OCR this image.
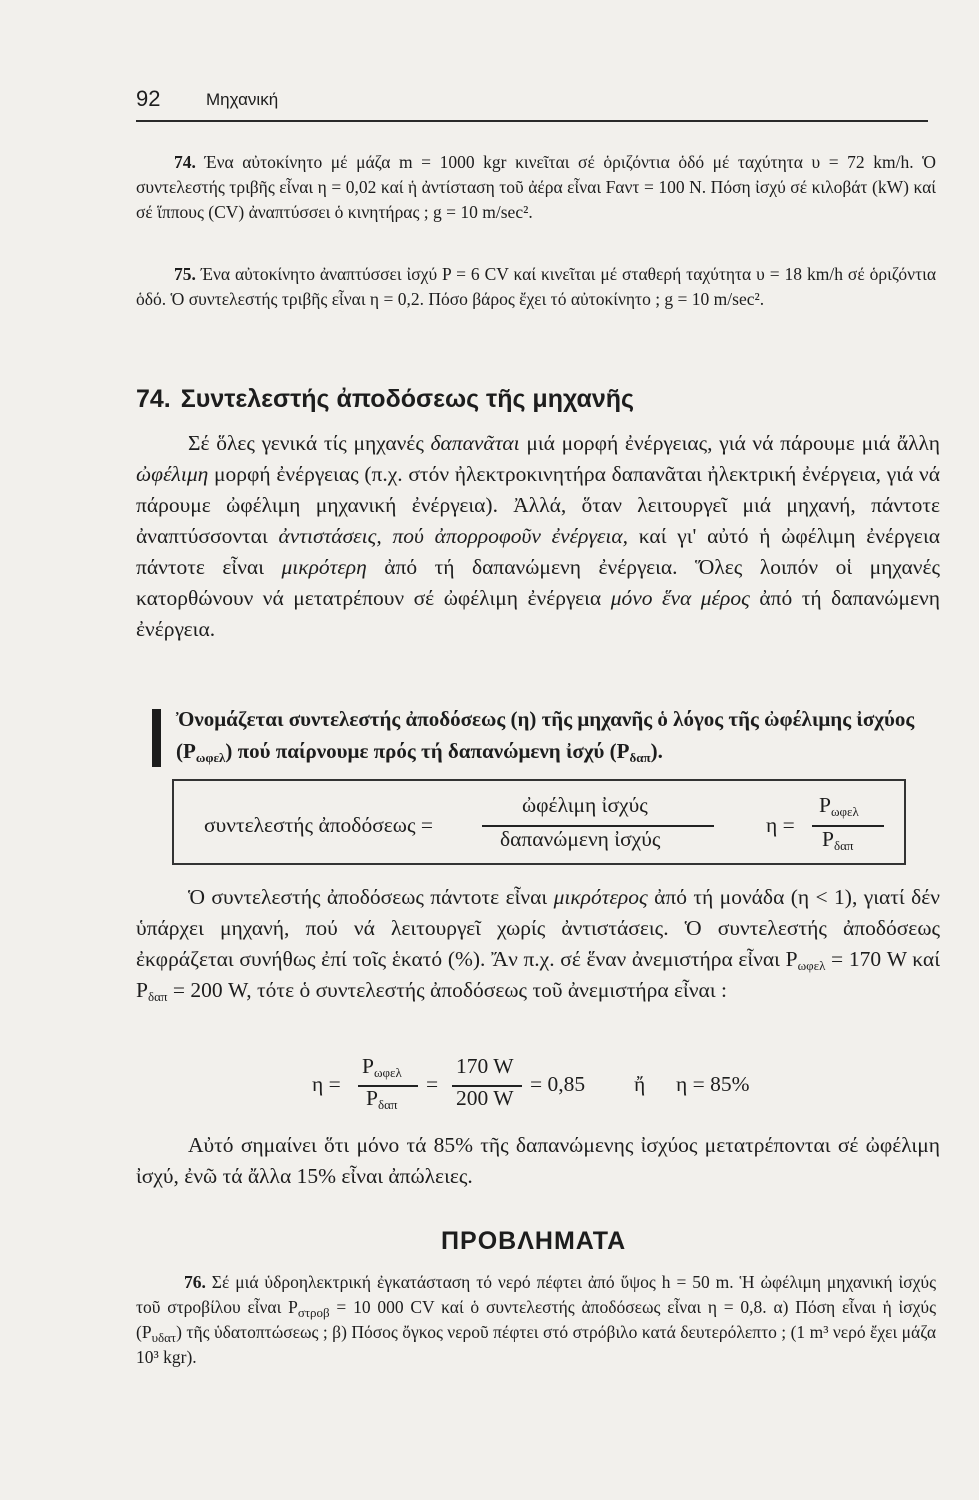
92	Μηχανική
74. Ένα αὐτοκίνητο μέ μάζα m = 1000 kgr κινεῖται σέ ὁριζόντια ὁδό μέ ταχύτητα υ = 72 km/h. Ὁ συντελεστής τριβῆς εἶναι η = 0,02 καί ἡ ἀντίσταση τοῦ ἀέρα εἶναι Fαντ = 100 N. Πόση ἰσχύ σέ κιλοβάτ (kW) καί σέ ἵππους (CV) ἀναπτύσσει ὁ κινητήρας ; g = 10 m/sec².
75. Ένα αὐτοκίνητο ἀναπτύσσει ἰσχύ P = 6 CV καί κινεῖται μέ σταθερή ταχύτητα υ = 18 km/h σέ ὁριζόντια ὁδό. Ὁ συντελεστής τριβῆς εἶναι η = 0,2. Πόσο βάρος ἔχει τό αὐτοκίνητο ; g = 10 m/sec².
74. Συντελεστής ἀποδόσεως τῆς μηχανῆς

Σέ ὅλες γενικά τίς μηχανές δαπανᾶται μιά μορφή ἐνέργειας, γιά νά πάρουμε μιά ἄλλη ὠφέλιμη μορφή ἐνέργειας (π.χ. στόν ἠλεκτροκινητήρα δαπανᾶται ἠλεκτρική ἐνέργεια, γιά νά πάρουμε ὠφέλιμη μηχανική ἐνέργεια). Ἀλλά, ὅταν λειτουργεῖ μιά μηχανή, πάντοτε ἀναπτύσσονται ἀντιστάσεις, πού ἀπορροφοῦν ἐνέργεια, καί γι' αὐτό ἡ ὠφέλιμη ἐνέργεια πάντοτε εἶναι μικρότερη ἀπό τή δαπανώμενη ἐνέργεια. Ὅλες λοιπόν οἱ μηχανές κατορθώνουν νά μετατρέπουν σέ ὠφέλιμη ἐνέργεια μόνο ἕνα μέρος ἀπό τή δαπανώμενη ἐνέργεια.

Ὀνομάζεται συντελεστής ἀποδόσεως (η) τῆς μηχανῆς ὁ λόγος τῆς ὠφέλιμης ἰσχύος $(P_{\omega\varphi\varepsilon\lambda})$ πού παίρνουμε πρός τή δαπανώμενη ἰσχύ $(P_{\delta\alpha\pi})$.
συντελεστής ἀποδόσεως =
ὠφέλιμη ἰσχύς
δαπανώμενη ἰσχύς
η =
$P_{\omega\varphi\varepsilon\lambda}$
$P_{\delta\alpha\pi}$

Ὁ συντελεστής ἀποδόσεως πάντοτε εἶναι μικρότερος ἀπό τή μονάδα (η < 1), γιατί δέν ὑπάρχει μηχανή, πού νά λειτουργεῖ χωρίς ἀντιστάσεις. Ὁ συντελεστής ἀποδόσεως ἐκφράζεται συνήθως ἐπί τοῖς ἑκατό (%). Ἄν π.χ. σέ ἕναν ἀνεμιστήρα εἶναι $P_{\omega\varphi\varepsilon\lambda} = 170$ W καί $P_{\delta\alpha\pi} = 200$ W, τότε ὁ συντελεστής ἀποδόσεως τοῦ ἀνεμιστήρα εἶναι :

η =
$P_{\omega\varphi\varepsilon\lambda}$
$P_{\delta\alpha\pi}$
=
170 W
200 W
= 0,85 ἤ η = 85%

Αὐτό σημαίνει ὅτι μόνο τά 85% τῆς δαπανώμενης ἰσχύος μετατρέπονται σέ ὠφέλιμη ἰσχύ, ἐνῶ τά ἄλλα 15% εἶναι ἀπώλειες.

ΠΡΟΒΛΗΜΑΤΑ
76. Σέ μιά ὑδροηλεκτρική ἐγκατάσταση τό νερό πέφτει ἀπό ὕψος h = 50 m. Ἡ ὠφέλιμη μηχανική ἰσχύς τοῦ στροβίλου εἶναι $P_{\sigma\tau\rho o\beta} = 10$ 000 CV καί ὁ συντελεστής ἀποδόσεως εἶναι η = 0,8. α) Πόση εἶναι ἡ ἰσχύς $(P_{\upsilon\delta\alpha\tau})$ τῆς ὑδατοπτώσεως ; β) Πόσος ὄγκος νεροῦ πέφτει στό στρόβιλο κατά δευτερόλεπτο ; (1 m³ νερό ἔχει μάζα 10³ kgr).
